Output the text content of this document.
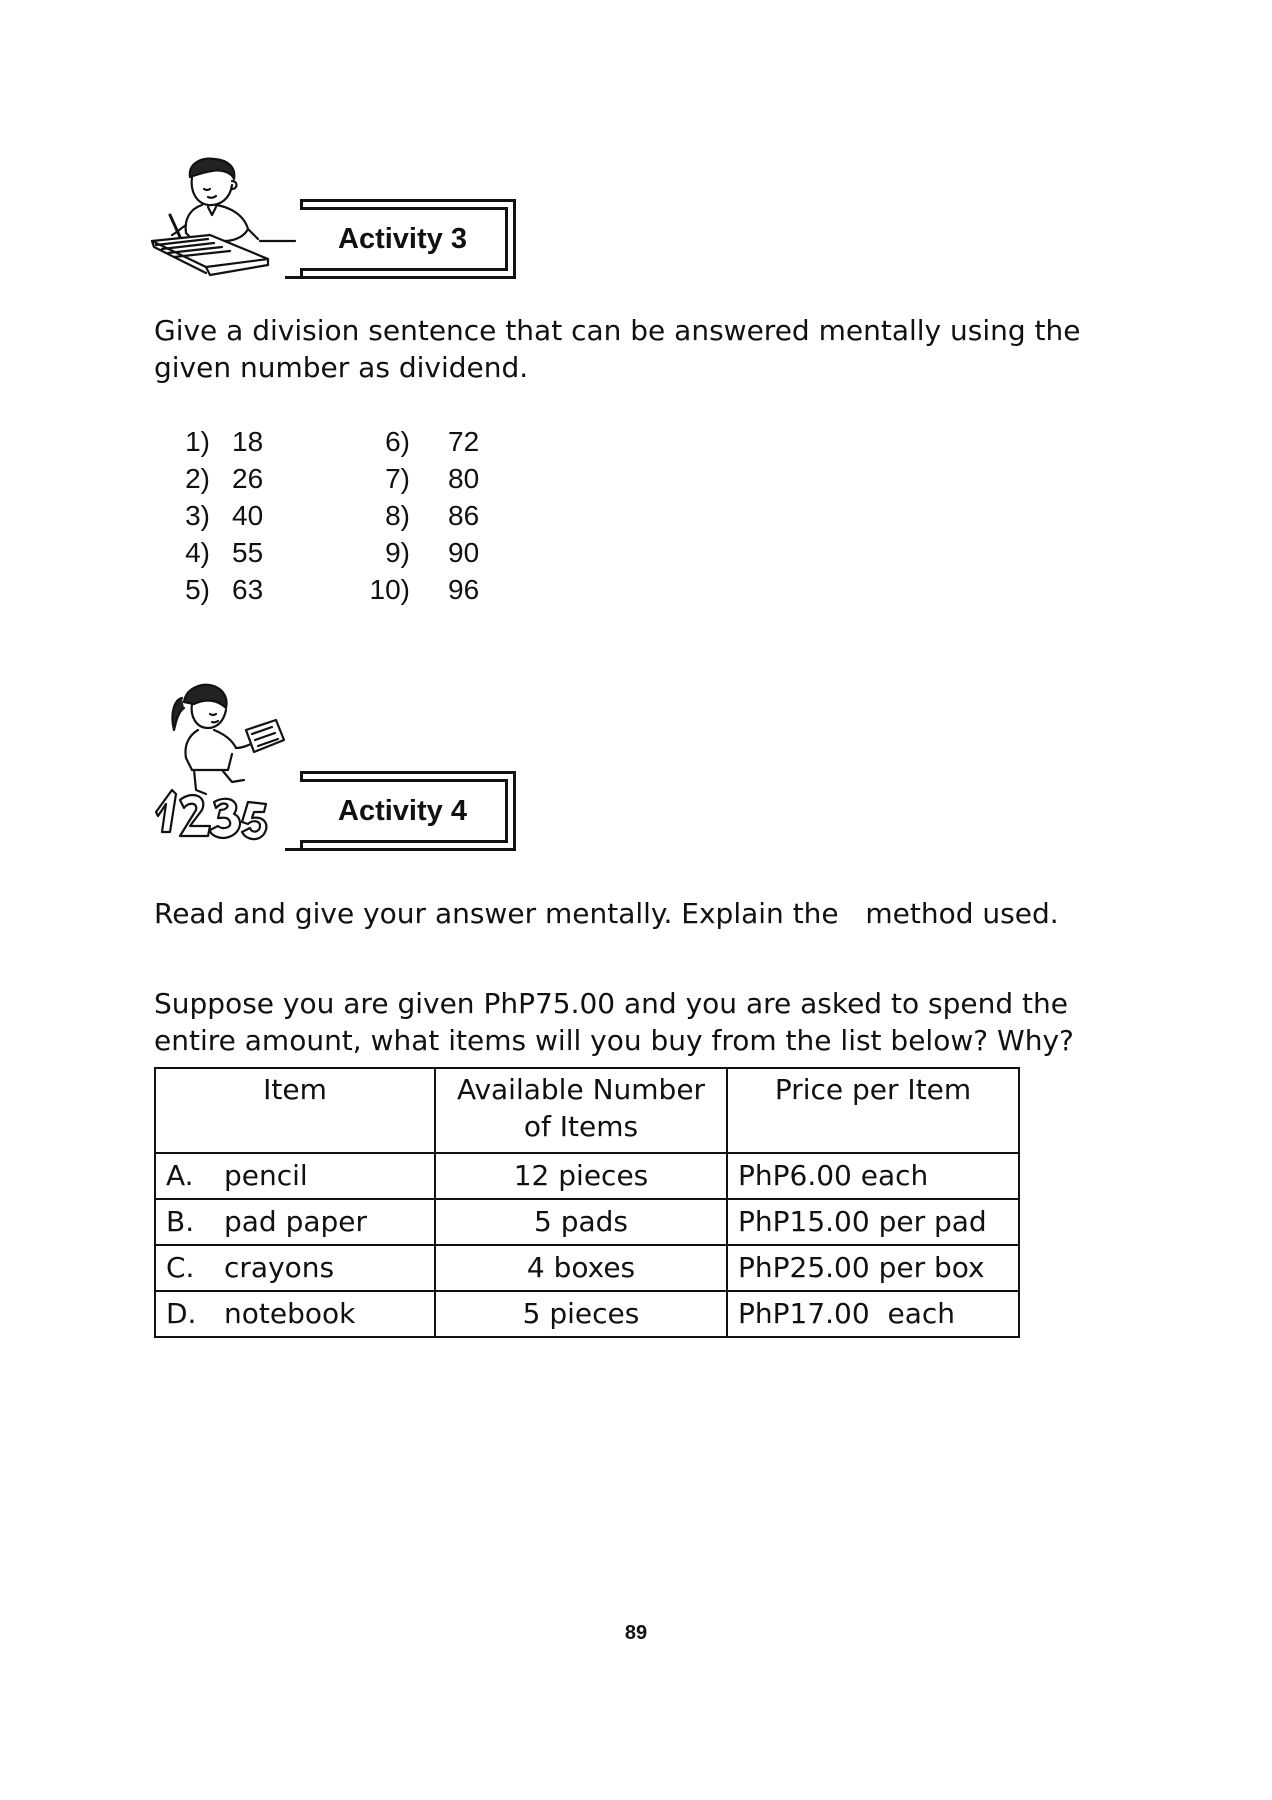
Activity 3
Give a division sentence that can be answered mentally using the given number as dividend.
1) 18
2) 26
3) 40
4) 55
5) 63
6) 72
7) 80
8) 86
9) 90
10) 96
Activity 4
Read and give your answer mentally. Explain the   method used.
Suppose you are given PhP75.00 and you are asked to spend the entire amount, what items will you buy from the list below? Why?
Item		Available Number of Items	Price per Item
A.	pencil	12 pieces	PhP6.00 each
B.	pad paper	5 pads	PhP15.00 per pad
C.	crayons	4 boxes	PhP25.00 per box
D.	notebook	5 pieces	PhP17.00  each
89
